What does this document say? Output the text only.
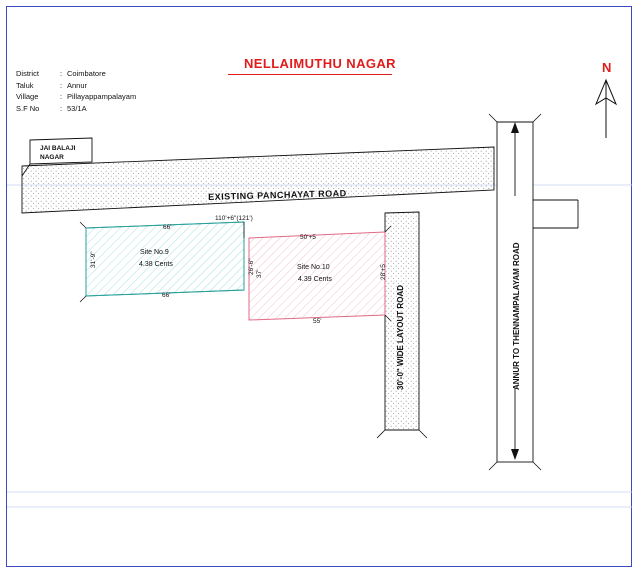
NELLAIMUTHU NAGAR
District	: Coimbatore
Taluk	: Annur
Village	: Pillayappampalayam
S.F No	: 53/1A
N
JAI BALAJI
NAGAR
EXISTING PANCHAYAT ROAD
30'-0" WIDE LAYOUT ROAD	ANNUR TO THENNAMPALAYAM ROAD
Site No.9
4.38 Cents	Site No.10
4.39 Cents
66'
66'
31'-9"	26'-6"
50'+5
55'
37'	28'+5
110'+6"(121')
